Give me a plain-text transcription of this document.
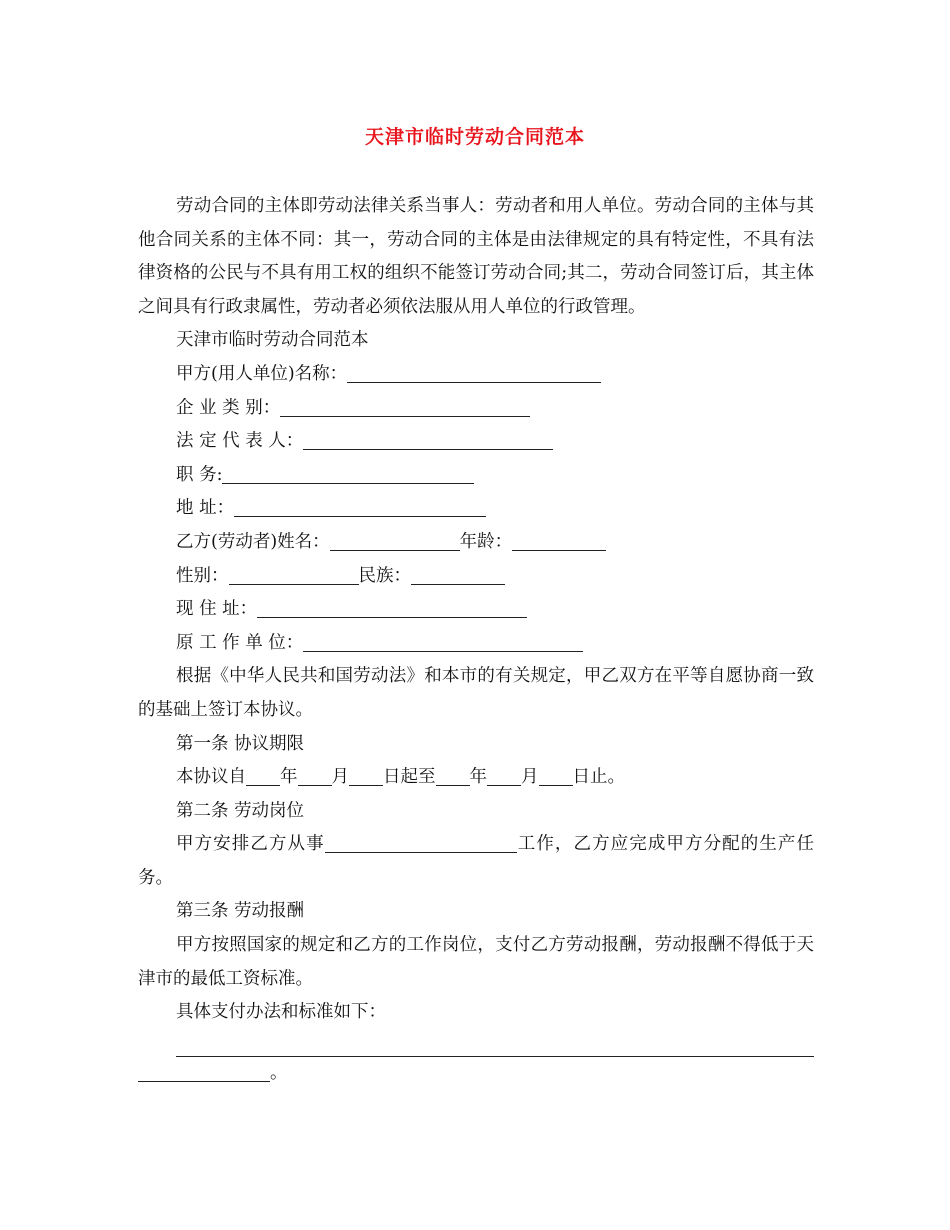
天津市临时劳动合同范本

劳动合同的主体即劳动法律关系当事人：劳动者和用人单位。劳动合同的主体与其他合同关系的主体不同：其一，劳动合同的主体是由法律规定的具有特定性，不具有法律资格的公民与不具有用工权的组织不能签订劳动合同;其二，劳动合同签订后，其主体之间具有行政隶属性，劳动者必须依法服从用人单位的行政管理。

天津市临时劳动合同范本
甲方(用人单位)名称：
企 业 类 别：
法 定 代 表 人：
职 务:
地 址：
乙方(劳动者)姓名：	年龄：
性别：	民族：
现 住 址：
原 工 作 单 位：

根据《中华人民共和国劳动法》和本市的有关规定，甲乙双方在平等自愿协商一致的基础上签订本协议。

第一条 协议期限
本协议自 年 月 日起至 年 月 日止。
第二条 劳动岗位

甲方安排乙方从事	工作，乙方应完成甲方分配的生产任务。

第三条 劳动报酬

甲方按照国家的规定和乙方的工作岗位，支付乙方劳动报酬，劳动报酬不得低于天津市的最低工资标准。

具体支付办法和标准如下：
。
